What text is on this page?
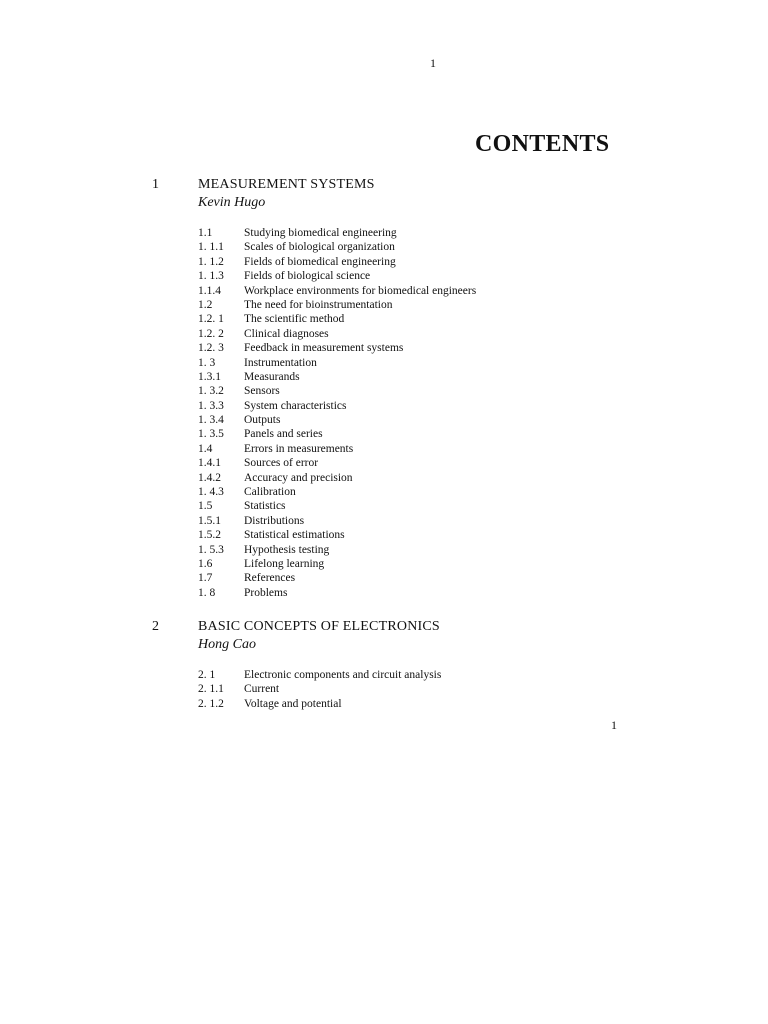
1
CONTENTS
1	MEASUREMENT SYSTEMS
Kevin Hugo
1.1	Studying biomedical engineering
1. 1.1 Scales of biological organization
1. 1.2 Fields of biomedical engineering
1. 1.3 Fields of biological science
1.1.4 Workplace environments for biomedical engineers
1.2	The need for bioinstrumentation
1.2. 1 The scientific method
1.2. 2 Clinical diagnoses
1.2. 3 Feedback in measurement systems
1. 3	Instrumentation
1.3.1 Measurands
1. 3.2 Sensors
1. 3.3 System characteristics
1. 3.4 Outputs
1. 3.5 Panels and series
1.4	Errors in measurements
1.4.1 Sources of error
1.4.2 Accuracy and precision
1. 4.3 Calibration
1.5	Statistics
1.5.1 Distributions
1.5.2 Statistical estimations
1. 5.3 Hypothesis testing
1.6	Lifelong learning
1.7	References
1. 8	Problems
2	BASIC CONCEPTS OF ELECTRONICS
Hong Cao
2. 1	Electronic components and circuit analysis
2. 1.1 Current
2. 1.2 Voltage and potential
1
